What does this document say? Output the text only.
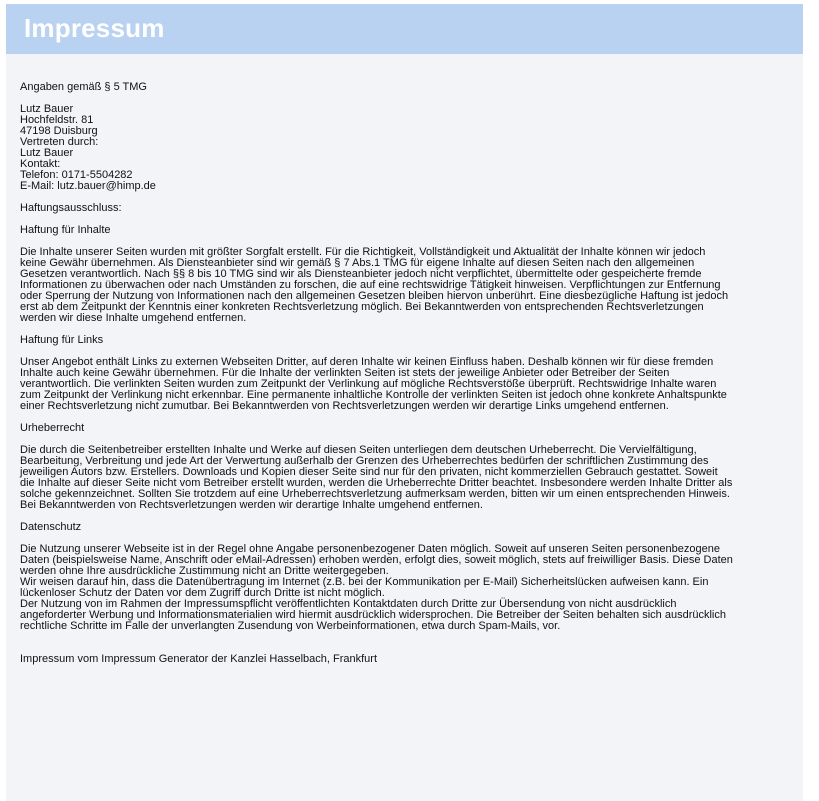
Impressum

Angaben gemäß § 5 TMG

Lutz Bauer
Hochfeldstr. 81
47198 Duisburg
Vertreten durch:
Lutz Bauer
Kontakt:
Telefon: 0171-5504282
E-Mail: lutz.bauer@himp.de

Haftungsausschluss:

Haftung für Inhalte

Die Inhalte unserer Seiten wurden mit größter Sorgfalt erstellt. Für die Richtigkeit, Vollständigkeit und Aktualität der Inhalte können wir jedoch
keine Gewähr übernehmen. Als Diensteanbieter sind wir gemäß § 7 Abs.1 TMG für eigene Inhalte auf diesen Seiten nach den allgemeinen
Gesetzen verantwortlich. Nach §§ 8 bis 10 TMG sind wir als Diensteanbieter jedoch nicht verpflichtet, übermittelte oder gespeicherte fremde
Informationen zu überwachen oder nach Umständen zu forschen, die auf eine rechtswidrige Tätigkeit hinweisen. Verpflichtungen zur Entfernung
oder Sperrung der Nutzung von Informationen nach den allgemeinen Gesetzen bleiben hiervon unberührt. Eine diesbezügliche Haftung ist jedoch
erst ab dem Zeitpunkt der Kenntnis einer konkreten Rechtsverletzung möglich. Bei Bekanntwerden von entsprechenden Rechtsverletzungen
werden wir diese Inhalte umgehend entfernen.

Haftung für Links

Unser Angebot enthält Links zu externen Webseiten Dritter, auf deren Inhalte wir keinen Einfluss haben. Deshalb können wir für diese fremden
Inhalte auch keine Gewähr übernehmen. Für die Inhalte der verlinkten Seiten ist stets der jeweilige Anbieter oder Betreiber der Seiten
verantwortlich. Die verlinkten Seiten wurden zum Zeitpunkt der Verlinkung auf mögliche Rechtsverstöße überprüft. Rechtswidrige Inhalte waren
zum Zeitpunkt der Verlinkung nicht erkennbar. Eine permanente inhaltliche Kontrolle der verlinkten Seiten ist jedoch ohne konkrete Anhaltspunkte
einer Rechtsverletzung nicht zumutbar. Bei Bekanntwerden von Rechtsverletzungen werden wir derartige Links umgehend entfernen.

Urheberrecht

Die durch die Seitenbetreiber erstellten Inhalte und Werke auf diesen Seiten unterliegen dem deutschen Urheberrecht. Die Vervielfältigung,
Bearbeitung, Verbreitung und jede Art der Verwertung außerhalb der Grenzen des Urheberrechtes bedürfen der schriftlichen Zustimmung des
jeweiligen Autors bzw. Erstellers. Downloads und Kopien dieser Seite sind nur für den privaten, nicht kommerziellen Gebrauch gestattet. Soweit
die Inhalte auf dieser Seite nicht vom Betreiber erstellt wurden, werden die Urheberrechte Dritter beachtet. Insbesondere werden Inhalte Dritter als
solche gekennzeichnet. Sollten Sie trotzdem auf eine Urheberrechtsverletzung aufmerksam werden, bitten wir um einen entsprechenden Hinweis.
Bei Bekanntwerden von Rechtsverletzungen werden wir derartige Inhalte umgehend entfernen.

Datenschutz

Die Nutzung unserer Webseite ist in der Regel ohne Angabe personenbezogener Daten möglich. Soweit auf unseren Seiten personenbezogene
Daten (beispielsweise Name, Anschrift oder eMail-Adressen) erhoben werden, erfolgt dies, soweit möglich, stets auf freiwilliger Basis. Diese Daten
werden ohne Ihre ausdrückliche Zustimmung nicht an Dritte weitergegeben.
Wir weisen darauf hin, dass die Datenübertragung im Internet (z.B. bei der Kommunikation per E-Mail) Sicherheitslücken aufweisen kann. Ein
lückenloser Schutz der Daten vor dem Zugriff durch Dritte ist nicht möglich.
Der Nutzung von im Rahmen der Impressumspflicht veröffentlichten Kontaktdaten durch Dritte zur Übersendung von nicht ausdrücklich
angeforderter Werbung und Informationsmaterialien wird hiermit ausdrücklich widersprochen. Die Betreiber der Seiten behalten sich ausdrücklich
rechtliche Schritte im Falle der unverlangten Zusendung von Werbeinformationen, etwa durch Spam-Mails, vor.

Impressum vom Impressum Generator der Kanzlei Hasselbach, Frankfurt
